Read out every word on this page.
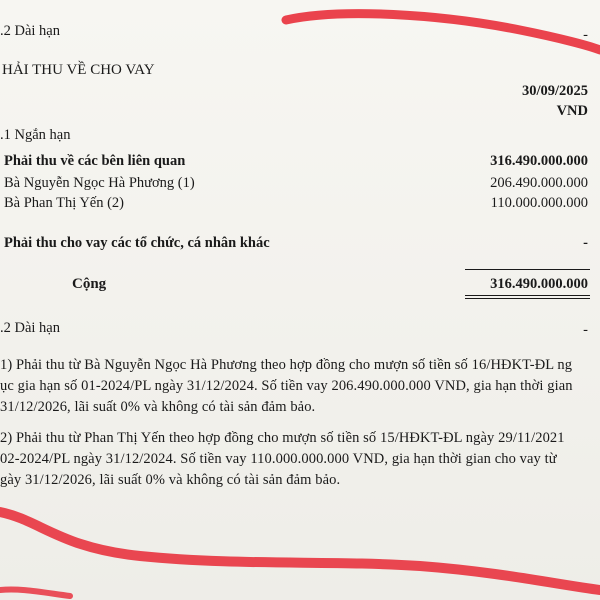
.2 Dài hạn	-
HẢI THU VỀ CHO VAY
30/09/2025
VND
.1 Ngắn hạn
Phải thu về các bên liên quan	316.490.000.000
Bà Nguyễn Ngọc Hà Phương (1)	206.490.000.000
Bà Phan Thị Yến (2)	110.000.000.000
Phải thu cho vay các tổ chức, cá nhân khác	-
Cộng	316.490.000.000
.2 Dài hạn	-
1) Phải thu từ Bà Nguyễn Ngọc Hà Phương theo hợp đồng cho mượn số tiền số 16/HĐKT-ĐL ng
ục gia hạn số 01-2024/PL ngày 31/12/2024. Số tiền vay 206.490.000.000 VND, gia hạn thời gian
31/12/2026, lãi suất 0% và không có tài sản đảm bảo.
2) Phải thu từ Phan Thị Yến theo hợp đồng cho mượn số tiền số 15/HĐKT-ĐL ngày 29/11/2021
02-2024/PL ngày 31/12/2024. Số tiền vay 110.000.000.000 VND, gia hạn thời gian cho vay từ
gày 31/12/2026, lãi suất 0% và không có tài sản đảm bảo.
